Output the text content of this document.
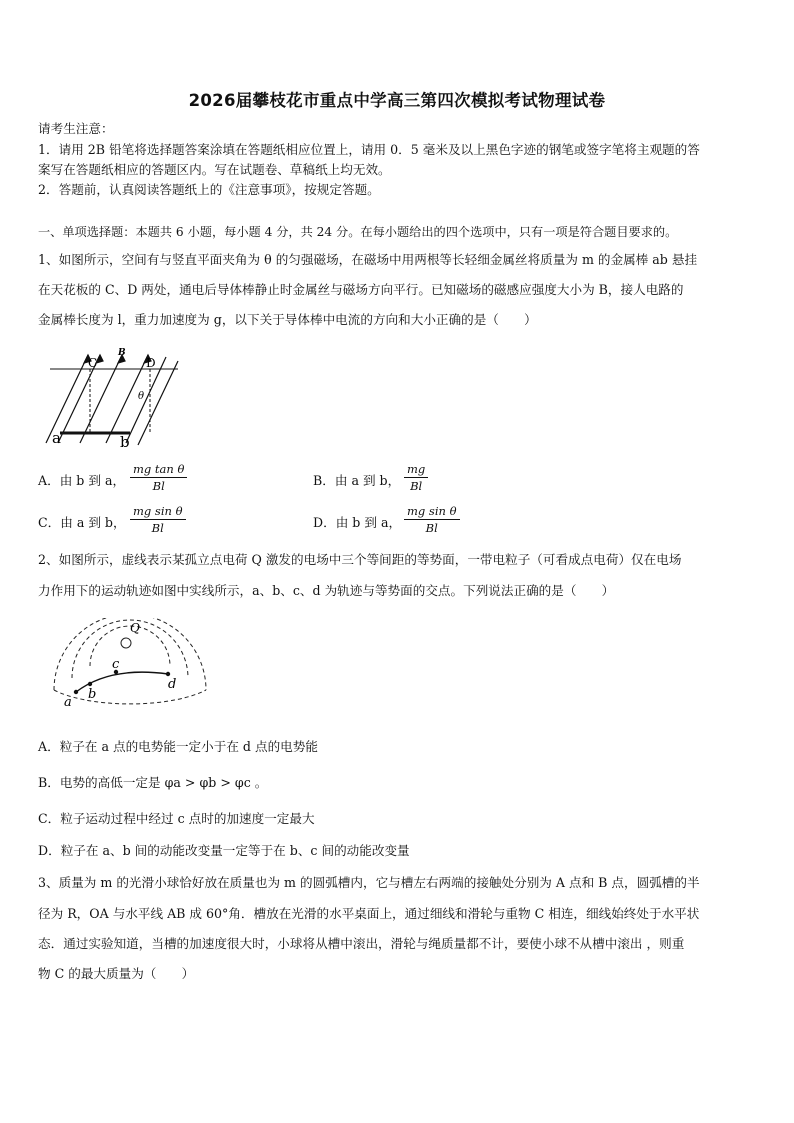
2026届攀枝花市重点中学高三第四次模拟考试物理试卷
请考生注意：
1．请用 2B 铅笔将选择题答案涂填在答题纸相应位置上，请用 0．5 毫米及以上黑色字迹的钢笔或签字笔将主观题的答
案写在答题纸相应的答题区内。写在试题卷、草稿纸上均无效。
2．答题前，认真阅读答题纸上的《注意事项》，按规定答题。
一、单项选择题：本题共 6 小题，每小题 4 分，共 24 分。在每小题给出的四个选项中，只有一项是符合题目要求的。
1、如图所示，空间有与竖直平面夹角为 θ 的匀强磁场，在磁场中用两根等长轻细金属丝将质量为 m 的金属棒 ab 悬挂
在天花板的 C、D 两处，通电后导体棒静止时金属丝与磁场方向平行。已知磁场的磁感应强度大小为 B，接人电路的
金属棒长度为 l，重力加速度为 g，以下关于导体棒中电流的方向和大小正确的是（　　）
C
B
D
θ
a	b
A．由 b 到 a，
mg tan θ
Bl	B．由 a 到 b，
mg
Bl
C．由 a 到 b，
mg sin θ
Bl	D．由 b 到 a，
mg sin θ
Bl
2、如图所示，虚线表示某孤立点电荷 Q 激发的电场中三个等间距的等势面，一带电粒子（可看成点电荷）仅在电场
力作用下的运动轨迹如图中实线所示，a、b、c、d 为轨迹与等势面的交点。下列说法正确的是（　　）
Q
a
b
c
d
A．粒子在 a 点的电势能一定小于在 d 点的电势能
B．电势的高低一定是 φa > φb > φc 。
C．粒子运动过程中经过 c 点时的加速度一定最大
D．粒子在 a、b 间的动能改变量一定等于在 b、c 间的动能改变量
3、质量为 m 的光滑小球恰好放在质量也为 m 的圆弧槽内，它与槽左右两端的接触处分别为 A 点和 B 点，圆弧槽的半
径为 R，OA 与水平线 AB 成 60°角．槽放在光滑的水平桌面上，通过细线和滑轮与重物 C 相连，细线始终处于水平状
态．通过实验知道，当槽的加速度很大时，小球将从槽中滚出，滑轮与绳质量都不计，要使小球不从槽中滚出 ，则重
物 C 的最大质量为（　　）
